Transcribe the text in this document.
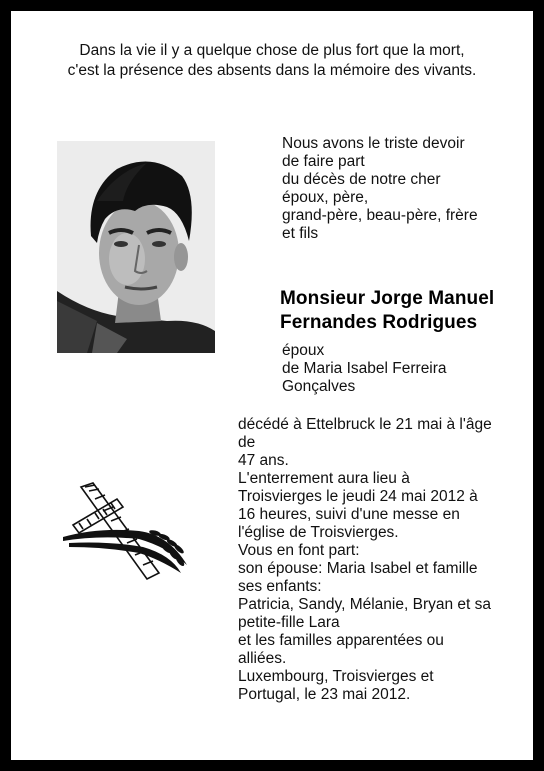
Dans la vie il y a quelque chose de plus fort que la mort,
c'est la présence des absents dans la mémoire des vivants.
Nous avons le triste devoir
de faire part
du décès de notre cher
époux, père,
grand-père, beau-père, frère
et fils
Monsieur Jorge Manuel
Fernandes Rodrigues
époux
de Maria Isabel Ferreira
Gonçalves
décédé à Ettelbruck le 21 mai à l'âge
de
47 ans.
L'enterrement aura lieu à
Troisvierges le jeudi 24 mai 2012 à
16 heures, suivi d'une messe en
l'église de Troisvierges.
Vous en font part:
son épouse: Maria Isabel et famille
ses enfants:
Patricia, Sandy, Mélanie, Bryan et sa
petite-fille Lara
et les familles apparentées ou
alliées.
Luxembourg, Troisvierges et
Portugal, le 23 mai 2012.
